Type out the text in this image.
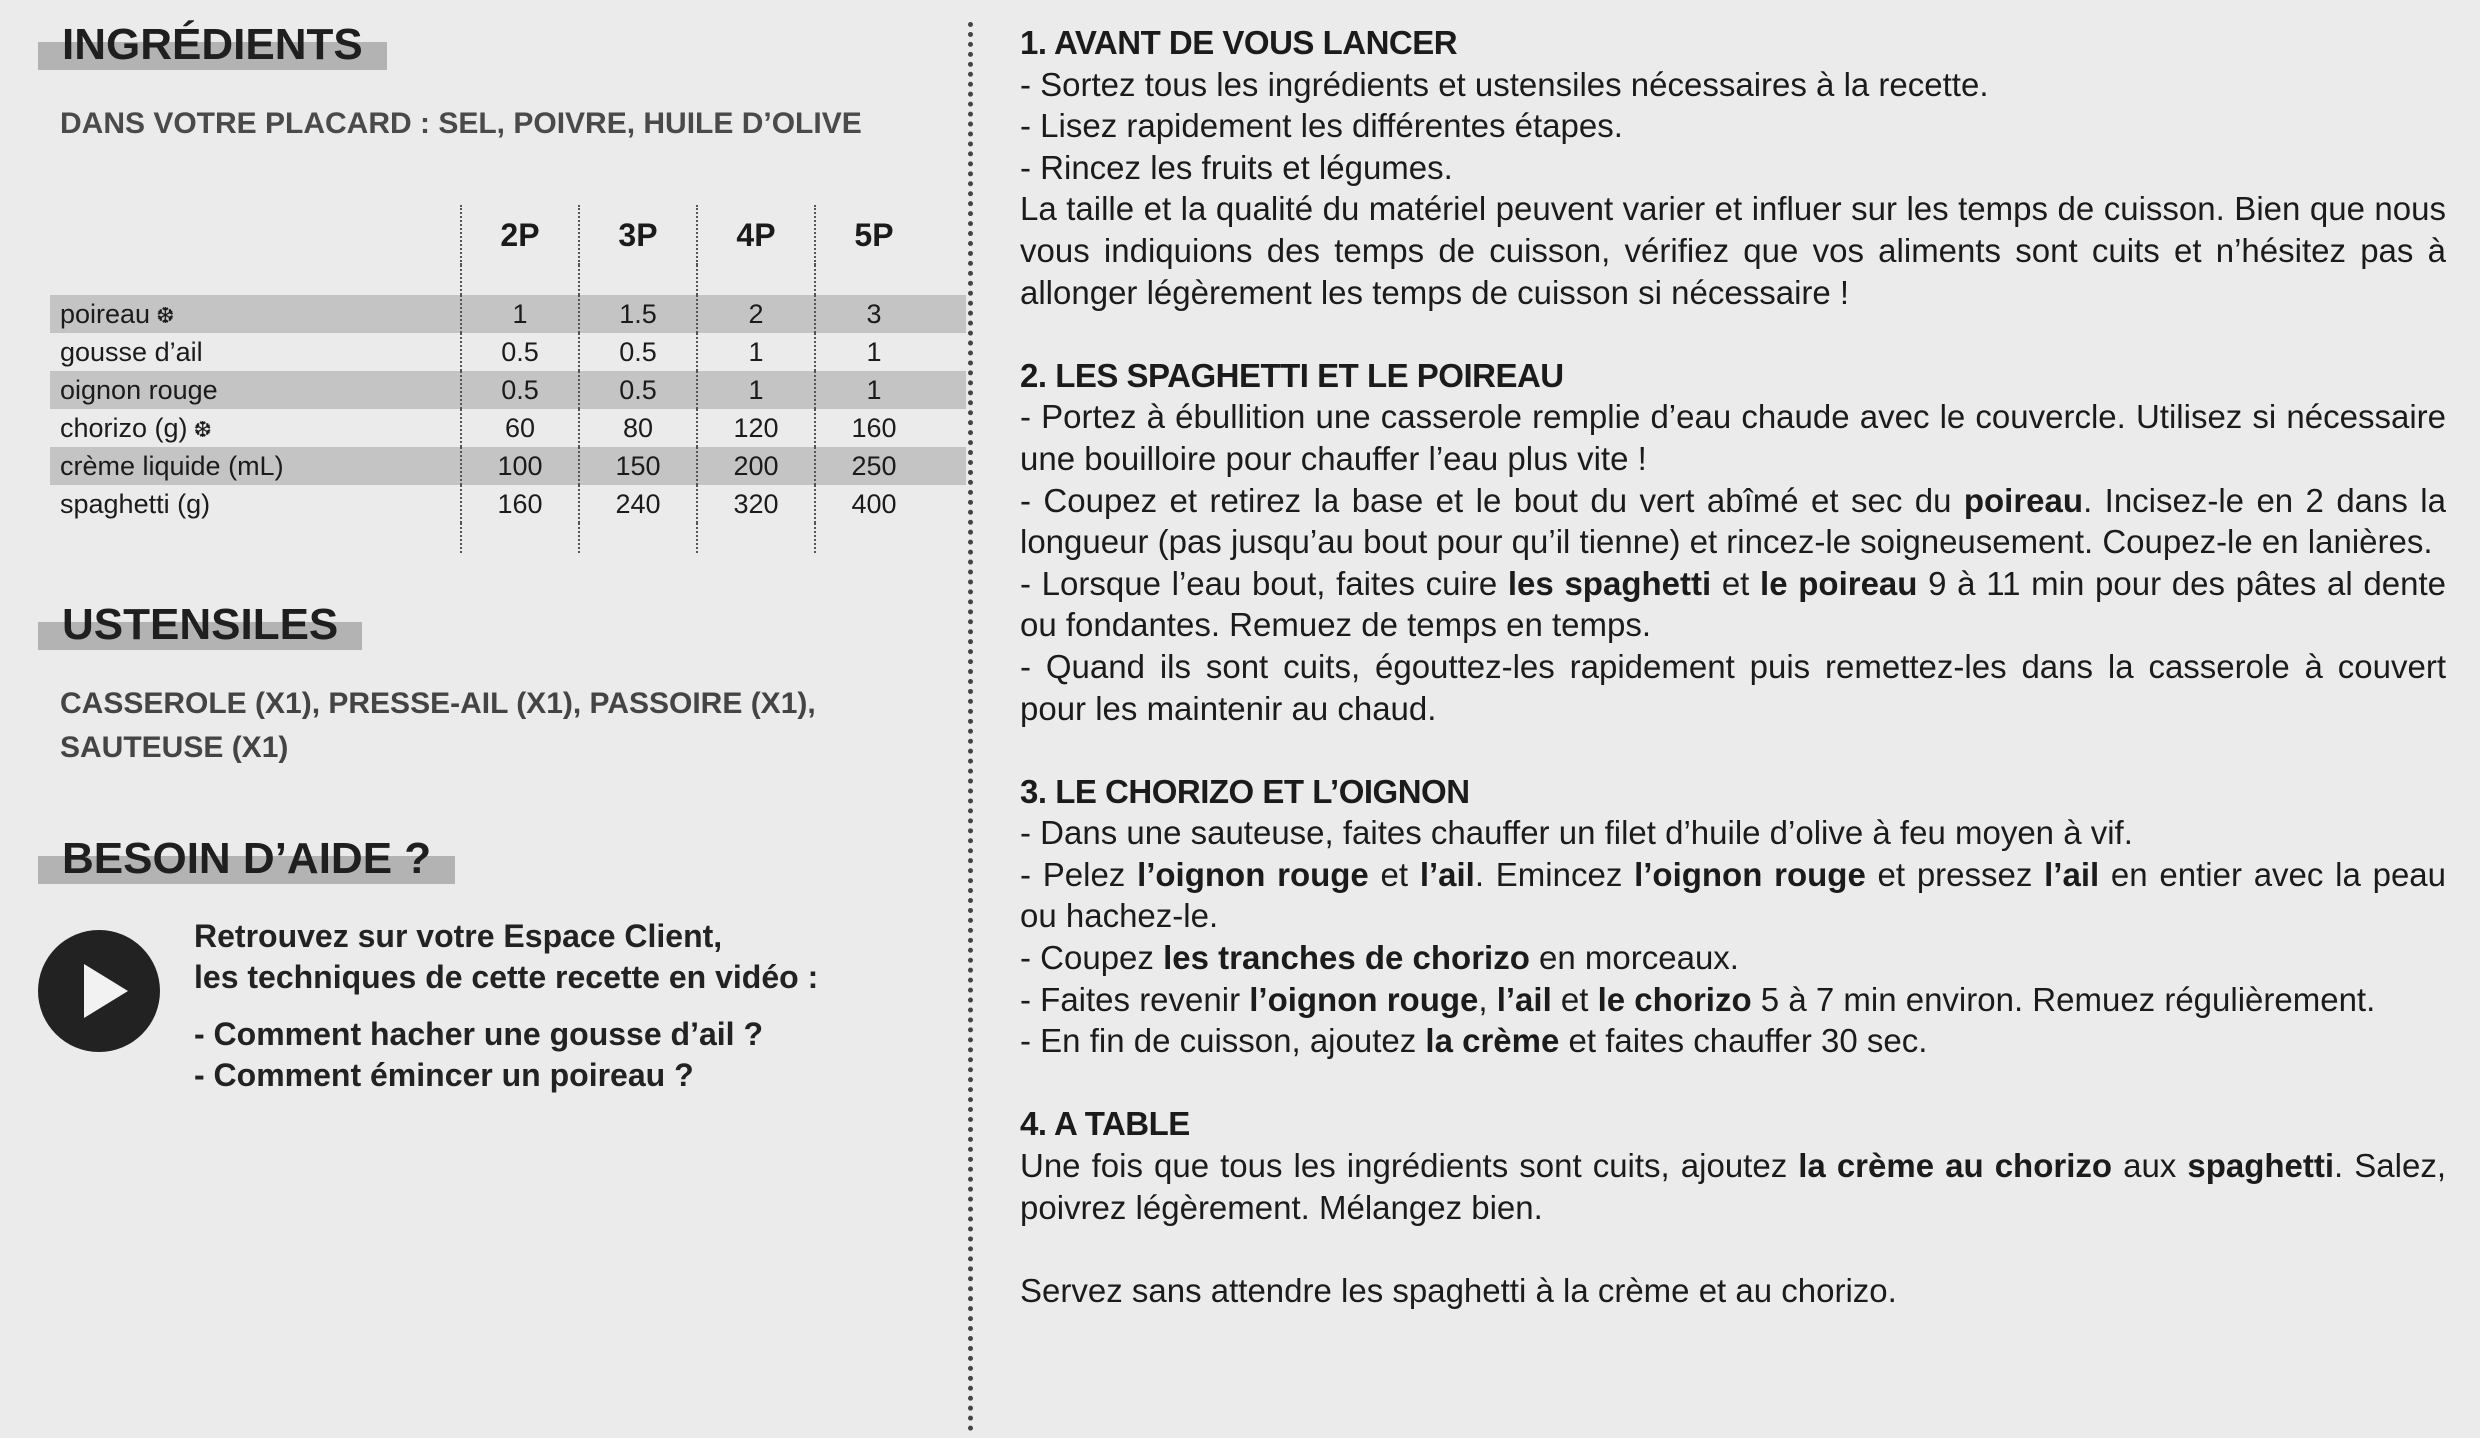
INGRÉDIENTS
DANS VOTRE PLACARD : SEL, POIVRE, HUILE D’OLIVE
2P	3P	4P	5P
poireau ❆	1	1.5	2	3
gousse d’ail	0.5	0.5	1	1
oignon rouge	0.5	0.5	1	1
chorizo (g) ❆	60	80	120	160
crème liquide (mL)	100	150	200	250
spaghetti (g)	160	240	320	400
USTENSILES
CASSEROLE (X1), PRESSE-AIL (X1), PASSOIRE (X1),
SAUTEUSE (X1)
BESOIN D’AIDE ?
Retrouvez sur votre Espace Client,
les techniques de cette recette en vidéo :
- Comment hacher une gousse d’ail ?
- Comment émincer un poireau ?
1. AVANT DE VOUS LANCER
- Sortez tous les ingrédients et ustensiles nécessaires à la recette.
- Lisez rapidement les différentes étapes.
- Rincez les fruits et légumes.
La taille et la qualité du matériel peuvent varier et influer sur les temps de cuisson. Bien que nous vous indiquions des temps de cuisson, vérifiez que vos aliments sont cuits et n’hésitez pas à allonger légèrement les temps de cuisson si nécessaire !
2. LES SPAGHETTI ET LE POIREAU
- Portez à ébullition une casserole remplie d’eau chaude avec le couvercle. Utilisez si nécessaire une bouilloire pour chauffer l’eau plus vite !
- Coupez et retirez la base et le bout du vert abîmé et sec du poireau. Incisez-le en 2 dans la longueur (pas jusqu’au bout pour qu’il tienne) et rincez-le soigneusement. Coupez-le en lanières.
- Lorsque l’eau bout, faites cuire les spaghetti et le poireau 9 à 11 min pour des pâtes al dente ou fondantes. Remuez de temps en temps.
- Quand ils sont cuits, égouttez-les rapidement puis remettez-les dans la casserole à couvert pour les maintenir au chaud.
3. LE CHORIZO ET L’OIGNON
- Dans une sauteuse, faites chauffer un filet d’huile d’olive à feu moyen à vif.
- Pelez l’oignon rouge et l’ail. Emincez l’oignon rouge et pressez l’ail en entier avec la peau ou hachez-le.
- Coupez les tranches de chorizo en morceaux.
- Faites revenir l’oignon rouge, l’ail et le chorizo 5 à 7 min environ. Remuez régulièrement.
- En fin de cuisson, ajoutez la crème et faites chauffer 30 sec.
4. A TABLE
Une fois que tous les ingrédients sont cuits, ajoutez la crème au chorizo aux spaghetti. Salez, poivrez légèrement. Mélangez bien.
Servez sans attendre les spaghetti à la crème et au chorizo.
